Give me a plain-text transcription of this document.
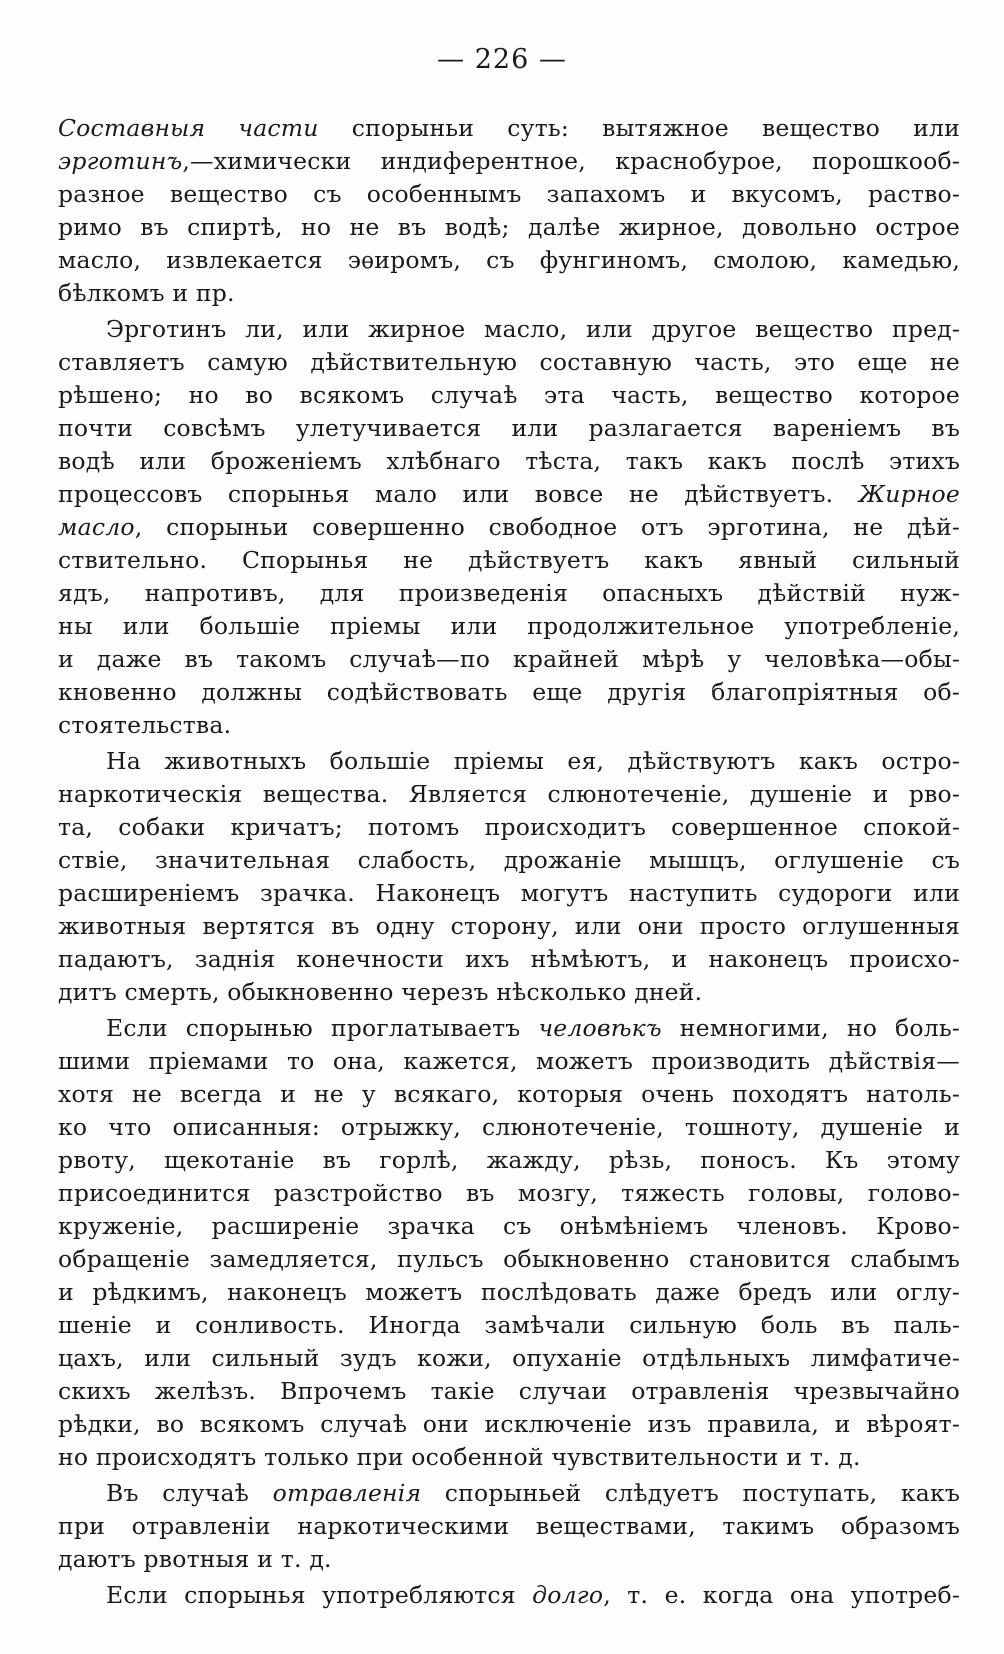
— 226 —
Составныя части спорыньи суть: вытяжное вещество или
эрготинъ,—химически индиферентное, краснобурое, порошкооб-
разное вещество съ особеннымъ запахомъ и вкусомъ, раство-
римо въ спиртѣ, но не въ водѣ; далѣе жирное, довольно острое
масло, извлекается эѳиромъ, съ фунгиномъ, смолою, камедью,
бѣлкомъ и пр.
Эрготинъ ли, или жирное масло, или другое вещество пред-
ставляетъ самую дѣйствительную составную часть, это еще не
рѣшено; но во всякомъ случаѣ эта часть, вещество которое
почти совсѣмъ улетучивается или разлагается вареніемъ въ
водѣ или броженіемъ хлѣбнаго тѣста, такъ какъ послѣ этихъ
процессовъ спорынья мало или вовсе не дѣйствуетъ. Жирное
масло, спорыньи совершенно свободное отъ эрготина, не дѣй-
ствительно. Спорынья не дѣйствуетъ какъ явный сильный
ядъ, напротивъ, для произведенія опасныхъ дѣйствій нуж-
ны или большіе пріемы или продолжительное употребленіе,
и даже въ такомъ случаѣ—по крайней мѣрѣ у человѣка—обы-
кновенно должны содѣйствовать еще другія благопріятныя об-
стоятельства.
На животныхъ большіе пріемы ея, дѣйствуютъ какъ остро-
наркотическія вещества. Является слюнотеченіе, душеніе и рво-
та, собаки кричатъ; потомъ происходитъ совершенное спокой-
ствіе, значительная слабость, дрожаніе мышцъ, оглушеніе съ
расширеніемъ зрачка. Наконецъ могутъ наступить судороги или
животныя вертятся въ одну сторону, или они просто оглушенныя
падаютъ, заднія конечности ихъ нѣмѣютъ, и наконецъ происхо-
дитъ смерть, обыкновенно черезъ нѣсколько дней.
Если спорынью проглатываетъ человѣкъ немногими, но боль-
шими пріемами то она, кажется, можетъ производить дѣйствія—
хотя не всегда и не у всякаго, которыя очень походятъ натоль-
ко что описанныя: отрыжку, слюнотеченіе, тошноту, душеніе и
рвоту, щекотаніе въ горлѣ, жажду, рѣзь, поносъ. Къ этому
присоединится разстройство въ мозгу, тяжесть головы, голово-
круженіе, расширеніе зрачка съ онѣмѣніемъ членовъ. Крово-
обращеніе замедляется, пульсъ обыкновенно становится слабымъ
и рѣдкимъ, наконецъ можетъ послѣдовать даже бредъ или оглу-
шеніе и сонливость. Иногда замѣчали сильную боль въ паль-
цахъ, или сильный зудъ кожи, опуханіе отдѣльныхъ лимфатиче-
скихъ желѣзъ. Впрочемъ такіе случаи отравленія чрезвычайно
рѣдки, во всякомъ случаѣ они исключеніе изъ правила, и вѣроят-
но происходятъ только при особенной чувствительности и т. д.
Въ случаѣ отравленія спорыньей слѣдуетъ поступать, какъ
при отравленіи наркотическими веществами, такимъ образомъ
даютъ рвотныя и т. д.
Если спорынья употребляются долго, т. е. когда она употреб-
